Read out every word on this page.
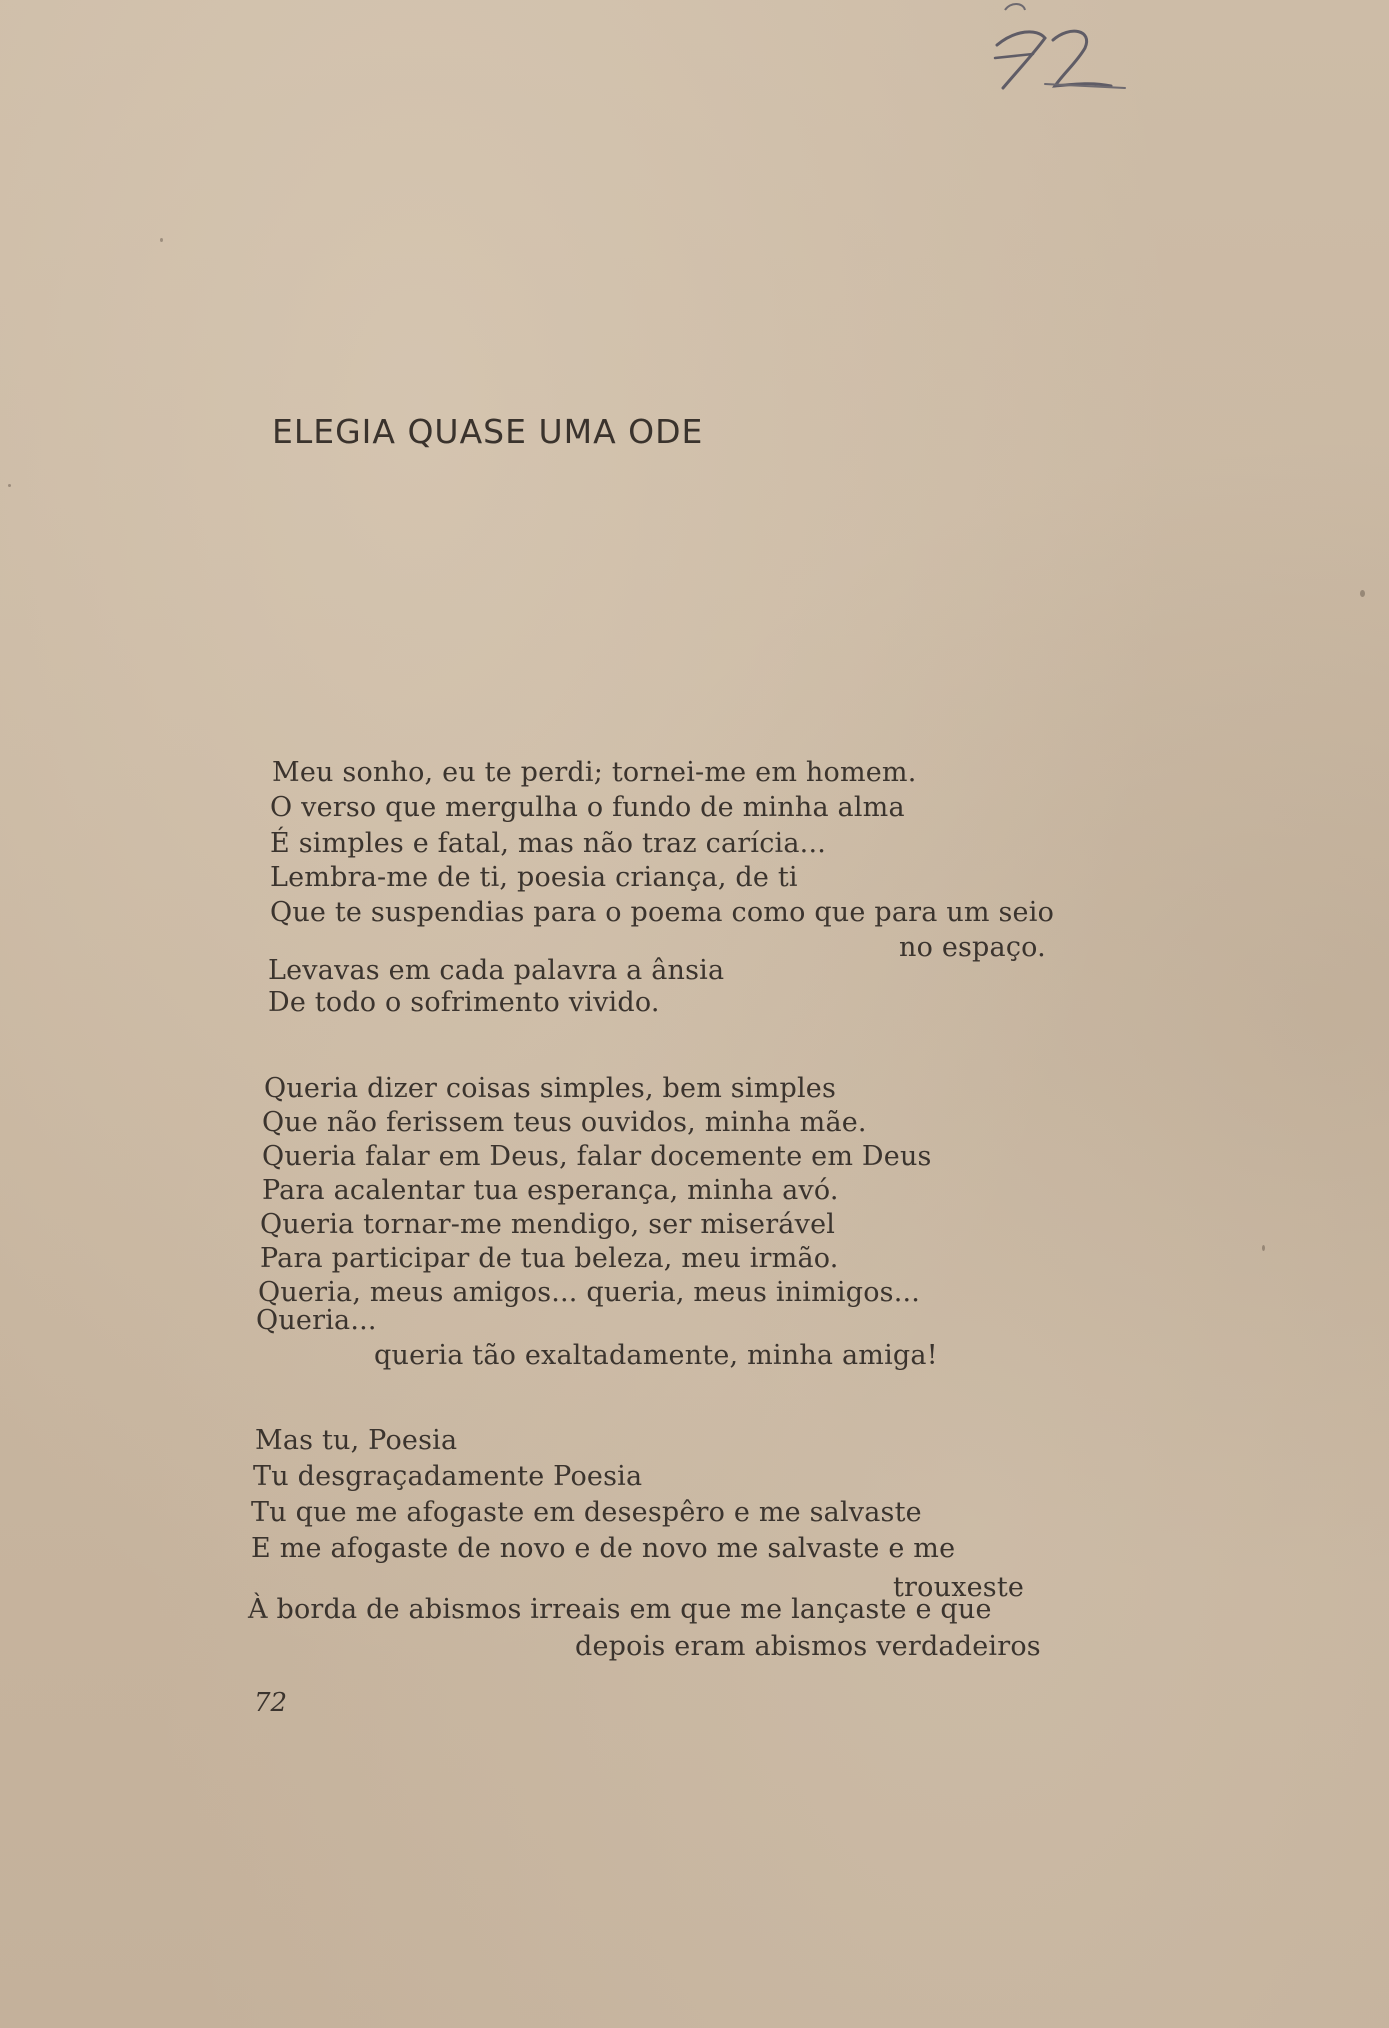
ELEGIA QUASE UMA ODE
Meu sonho, eu te perdi; tornei-me em homem.
O verso que mergulha o fundo de minha alma
É simples e fatal, mas não traz carícia...
Lembra-me de ti, poesia criança, de ti
Que te suspendias para o poema como que para um seio
no espaço.
Levavas em cada palavra a ânsia
De todo o sofrimento vivido.
Queria dizer coisas simples, bem simples
Que não ferissem teus ouvidos, minha mãe.
Queria falar em Deus, falar docemente em Deus
Para acalentar tua esperança, minha avó.
Queria tornar-me mendigo, ser miserável
Para participar de tua beleza, meu irmão.
Queria, meus amigos... queria, meus inimigos...
Queria...
queria tão exaltadamente, minha amiga!
Mas tu, Poesia
Tu desgraçadamente Poesia
Tu que me afogaste em desespêro e me salvaste
E me afogaste de novo e de novo me salvaste e me
trouxeste
À borda de abismos irreais em que me lançaste e que
depois eram abismos verdadeiros
72
